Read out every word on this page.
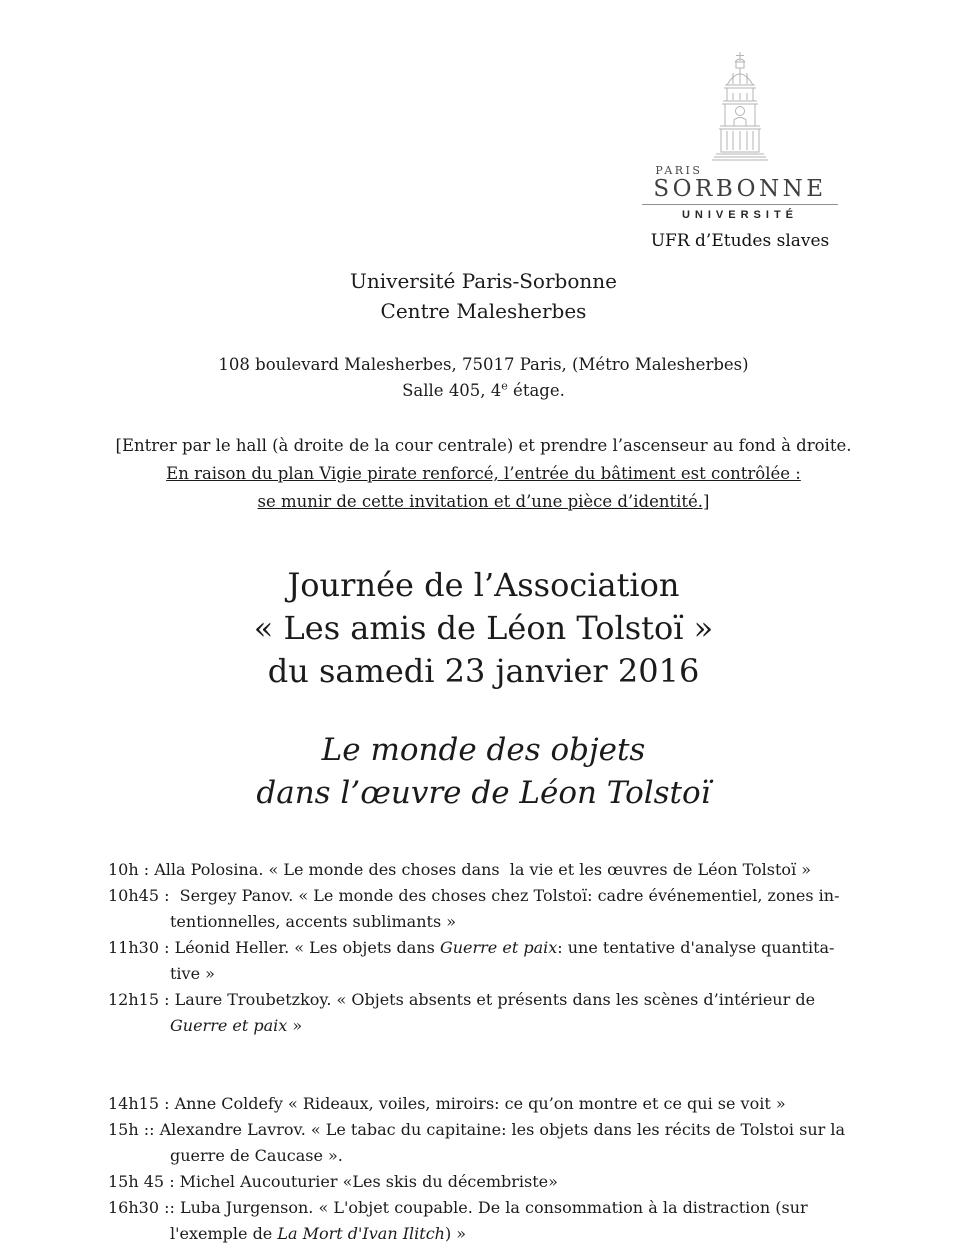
PARIS
SORBONNE
UNIVERSITÉ
UFR d’Etudes slaves
Université Paris-Sorbonne
Centre Malesherbes
108 boulevard Malesherbes, 75017 Paris, (Métro Malesherbes)
Salle 405, 4e étage.
[Entrer par le hall (à droite de la cour centrale) et prendre l’ascenseur au fond à droite.
En raison du plan Vigie pirate renforcé, l’entrée du bâtiment est contrôlée :
se munir de cette invitation et d’une pièce d’identité.]
Journée de l’Association
« Les amis de Léon Tolstoï »
du samedi 23 janvier 2016
Le monde des objets
dans l’œuvre de Léon Tolstoï
10h : Alla Polosina. « Le monde des choses dans  la vie et les œuvres de Léon Tolstoï »
10h45 :  Sergey Panov. « Le monde des choses chez Tolstoï: cadre événementiel, zones in-
tentionnelles, accents sublimants »
11h30 : Léonid Heller. « Les objets dans Guerre et paix: une tentative d'analyse quantita-
tive »
12h15 : Laure Troubetzkoy. « Objets absents et présents dans les scènes d’intérieur de
Guerre et paix »
14h15 : Anne Coldefy « Rideaux, voiles, miroirs: ce qu’on montre et ce qui se voit »
15h :: Alexandre Lavrov. « Le tabac du capitaine: les objets dans les récits de Tolstoi sur la
guerre de Caucase ».
15h 45 : Michel Aucouturier «Les skis du décembriste»
16h30 :: Luba Jurgenson. « L'objet coupable. De la consommation à la distraction (sur
l'exemple de La Mort d'Ivan Ilitch) »
